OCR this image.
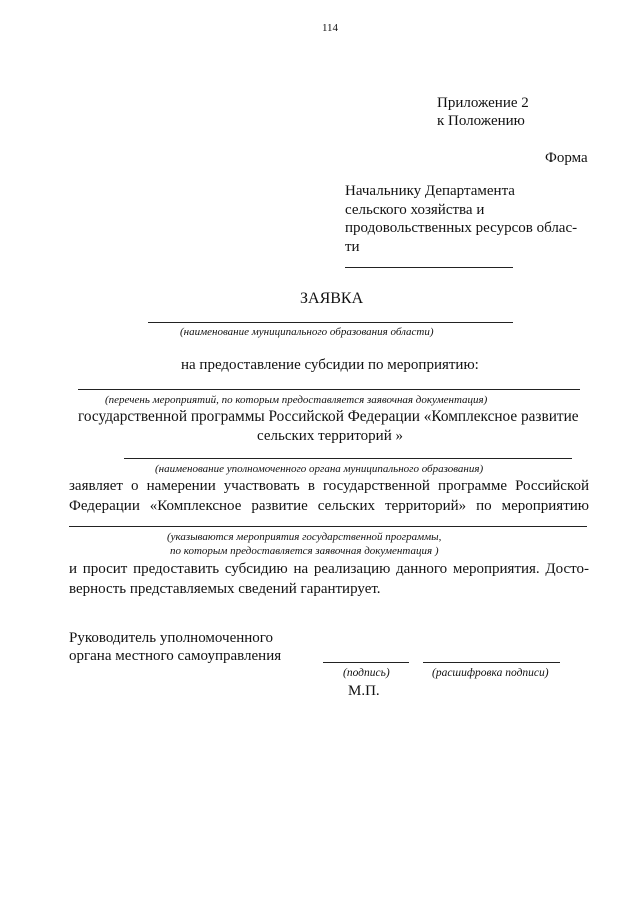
114
Приложение 2
к Положению
Форма
Начальнику Департамента
сельского хозяйства и
продовольственных ресурсов облас-
ти
ЗАЯВКА
(наименование муниципального образования области)
на предоставление субсидии по мероприятию:
(перечень мероприятий, по которым предоставляется заявочная документация)
государственной программы Российской Федерации «Комплексное развитие
сельских территорий »
(наименование уполномоченного органа муниципального образования)
заявляет о намерении участвовать в государственной программе Российской
Федерации «Комплексное развитие сельских территорий» по мероприятию
(указываются мероприятия государственной программы,
по которым предоставляется заявочная документация )
и просит предоставить субсидию на реализацию данного мероприятия. Досто-
верность представляемых сведений гарантирует.
Руководитель уполномоченного
органа местного самоуправления
(подпись)	(расшифровка подписи)
М.П.
